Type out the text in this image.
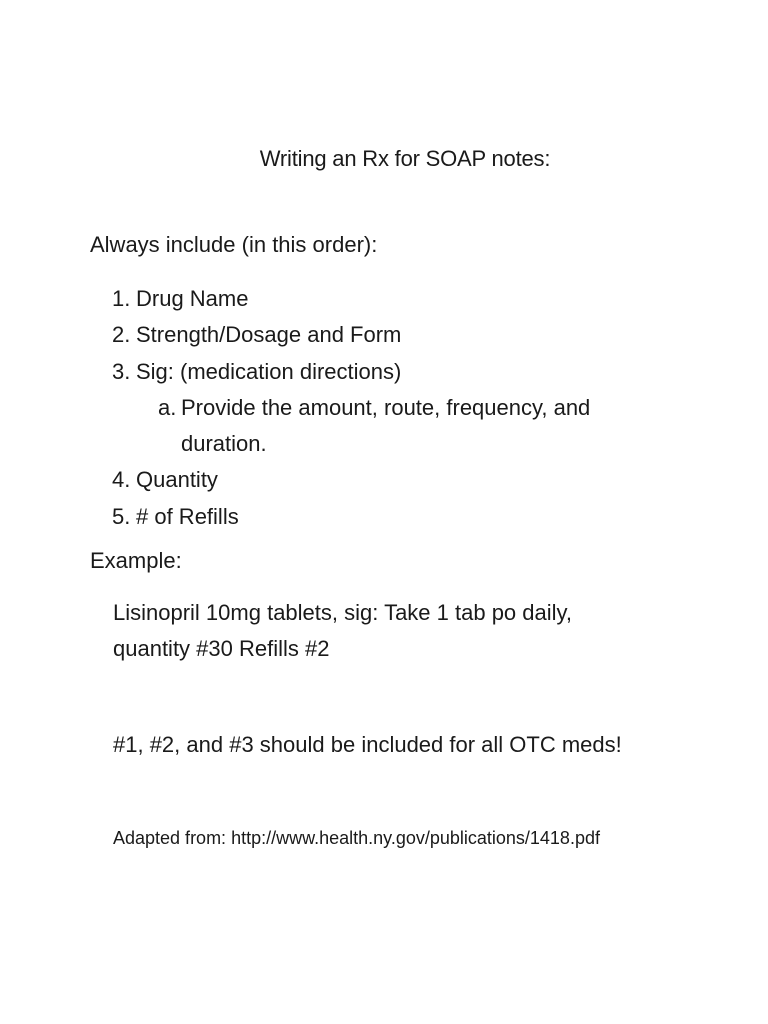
Writing an Rx for SOAP notes:
Always include (in this order):
1. Drug Name
2. Strength/Dosage and Form
3. Sig: (medication directions)
a. Provide the amount, route, frequency, and duration.
4. Quantity
5. # of Refills
Example:
Lisinopril 10mg tablets, sig: Take 1 tab po daily, quantity #30 Refills #2
#1, #2, and #3 should be included for all OTC meds!
Adapted from: http://www.health.ny.gov/publications/1418.pdf
